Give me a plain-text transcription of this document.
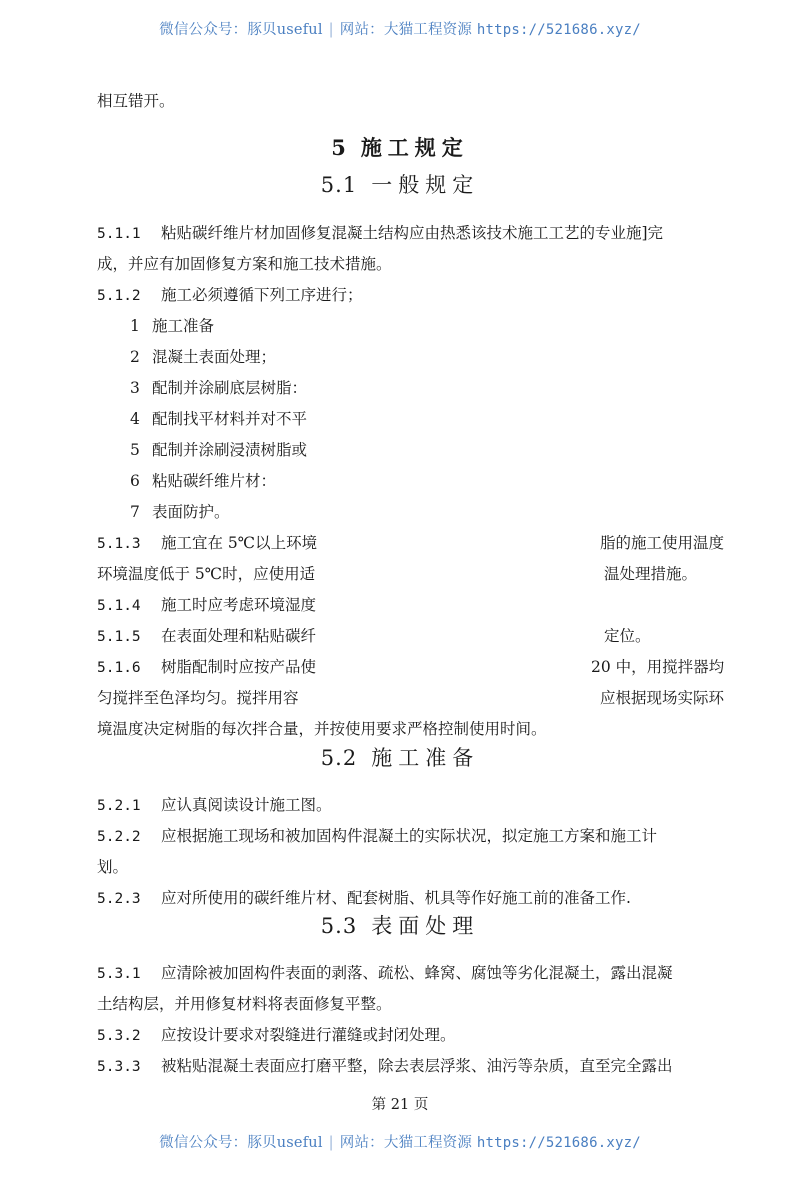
微信公众号：豚贝useful | 网站：大猫工程资源 https://521686.xyz/
相互错开。
5 施工规定
5.1 一般规定
5.1.1 粘贴碳纤维片材加固修复混凝土结构应由热悉该技术施工工艺的专业施]完
成，并应有加固修复方案和施工技术措施。
5.1.2 施工必须遵循下列工序进行；
1 施工准备
2 混凝土表面处理；
3 配制并涂刷底层树脂：
4 配制找平材料并对不平
5 配制并涂刷浸渍树脂或
6 粘贴碳纤维片材：
7 表面防护。
5.1.3 施工宜在 5℃以上环境	脂的施工使用温度
环境温度低于 5℃时，应使用适	温处理措施。
5.1.4 施工时应考虑环境湿度
5.1.5 在表面处理和粘贴碳纤	定位。
5.1.6 树脂配制时应按产品使	20 中，用搅拌器均
匀搅拌至色泽均匀。搅拌用容	应根据现场实际环
境温度决定树脂的每次拌合量，并按使用要求严格控制使用时间。
5.2 施工准备
5.2.1 应认真阅读设计施工图。
5.2.2 应根据施工现场和被加固构件混凝土的实际状况，拟定施工方案和施工计
划。
5.2.3 应对所使用的碳纤维片材、配套树脂、机具等作好施工前的准备工作.
5.3 表面处理
5.3.1 应清除被加固构件表面的剥落、疏松、蜂窝、腐蚀等劣化混凝土，露出混凝
土结构层，并用修复材料将表面修复平整。
5.3.2 应按设计要求对裂缝进行灌缝或封闭处理。
5.3.3 被粘贴混凝土表面应打磨平整，除去表层浮浆、油污等杂质，直至完全露出
第 21 页
微信公众号：豚贝useful | 网站：大猫工程资源 https://521686.xyz/
